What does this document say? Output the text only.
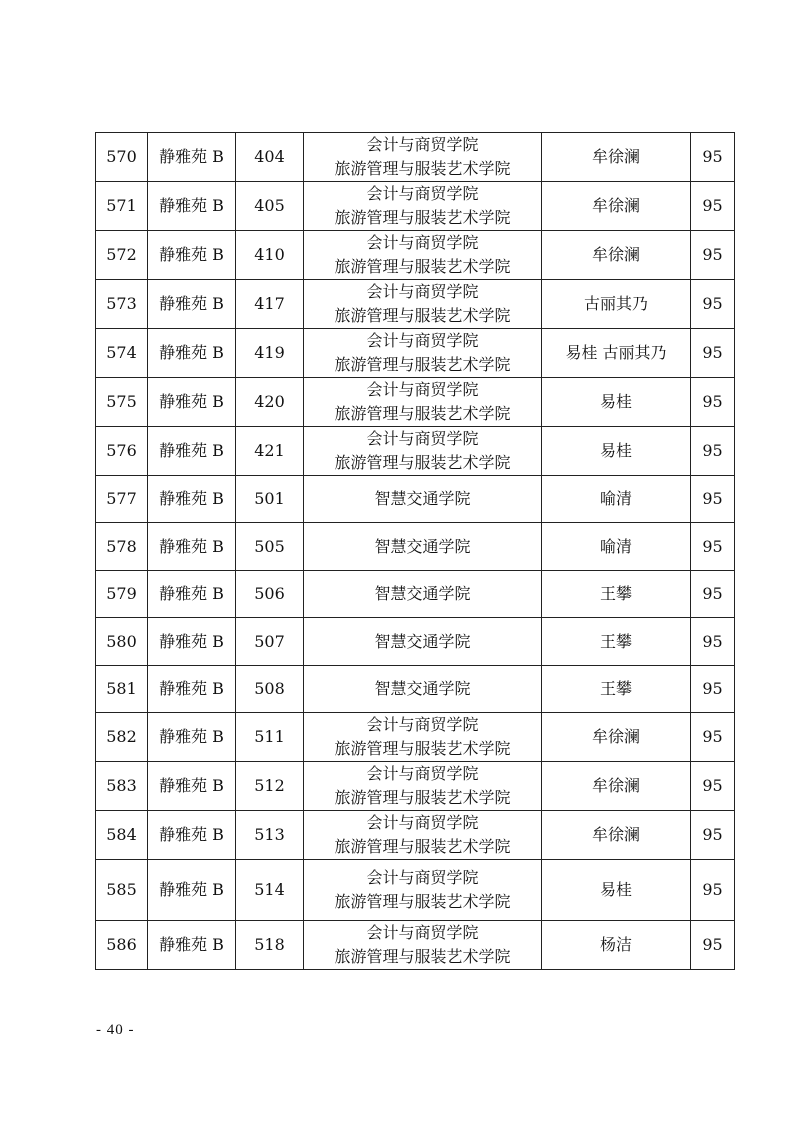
570	静雅苑 B	404	会计与商贸学院
旅游管理与服装艺术学院	牟徐澜	95
571	静雅苑 B	405	会计与商贸学院
旅游管理与服装艺术学院	牟徐澜	95
572	静雅苑 B	410	会计与商贸学院
旅游管理与服装艺术学院	牟徐澜	95
573	静雅苑 B	417	会计与商贸学院
旅游管理与服装艺术学院	古丽其乃	95
574	静雅苑 B	419	会计与商贸学院
旅游管理与服装艺术学院	易桂 古丽其乃	95
575	静雅苑 B	420	会计与商贸学院
旅游管理与服装艺术学院	易桂	95
576	静雅苑 B	421	会计与商贸学院
旅游管理与服装艺术学院	易桂	95
577	静雅苑 B	501	智慧交通学院	喻清	95
578	静雅苑 B	505	智慧交通学院	喻清	95
579	静雅苑 B	506	智慧交通学院	王攀	95
580	静雅苑 B	507	智慧交通学院	王攀	95
581	静雅苑 B	508	智慧交通学院	王攀	95
582	静雅苑 B	511	会计与商贸学院
旅游管理与服装艺术学院	牟徐澜	95
583	静雅苑 B	512	会计与商贸学院
旅游管理与服装艺术学院	牟徐澜	95
584	静雅苑 B	513	会计与商贸学院
旅游管理与服装艺术学院	牟徐澜	95
585	静雅苑 B	514	会计与商贸学院
旅游管理与服装艺术学院	易桂	95
586	静雅苑 B	518	会计与商贸学院
旅游管理与服装艺术学院	杨洁	95
- 40 -
